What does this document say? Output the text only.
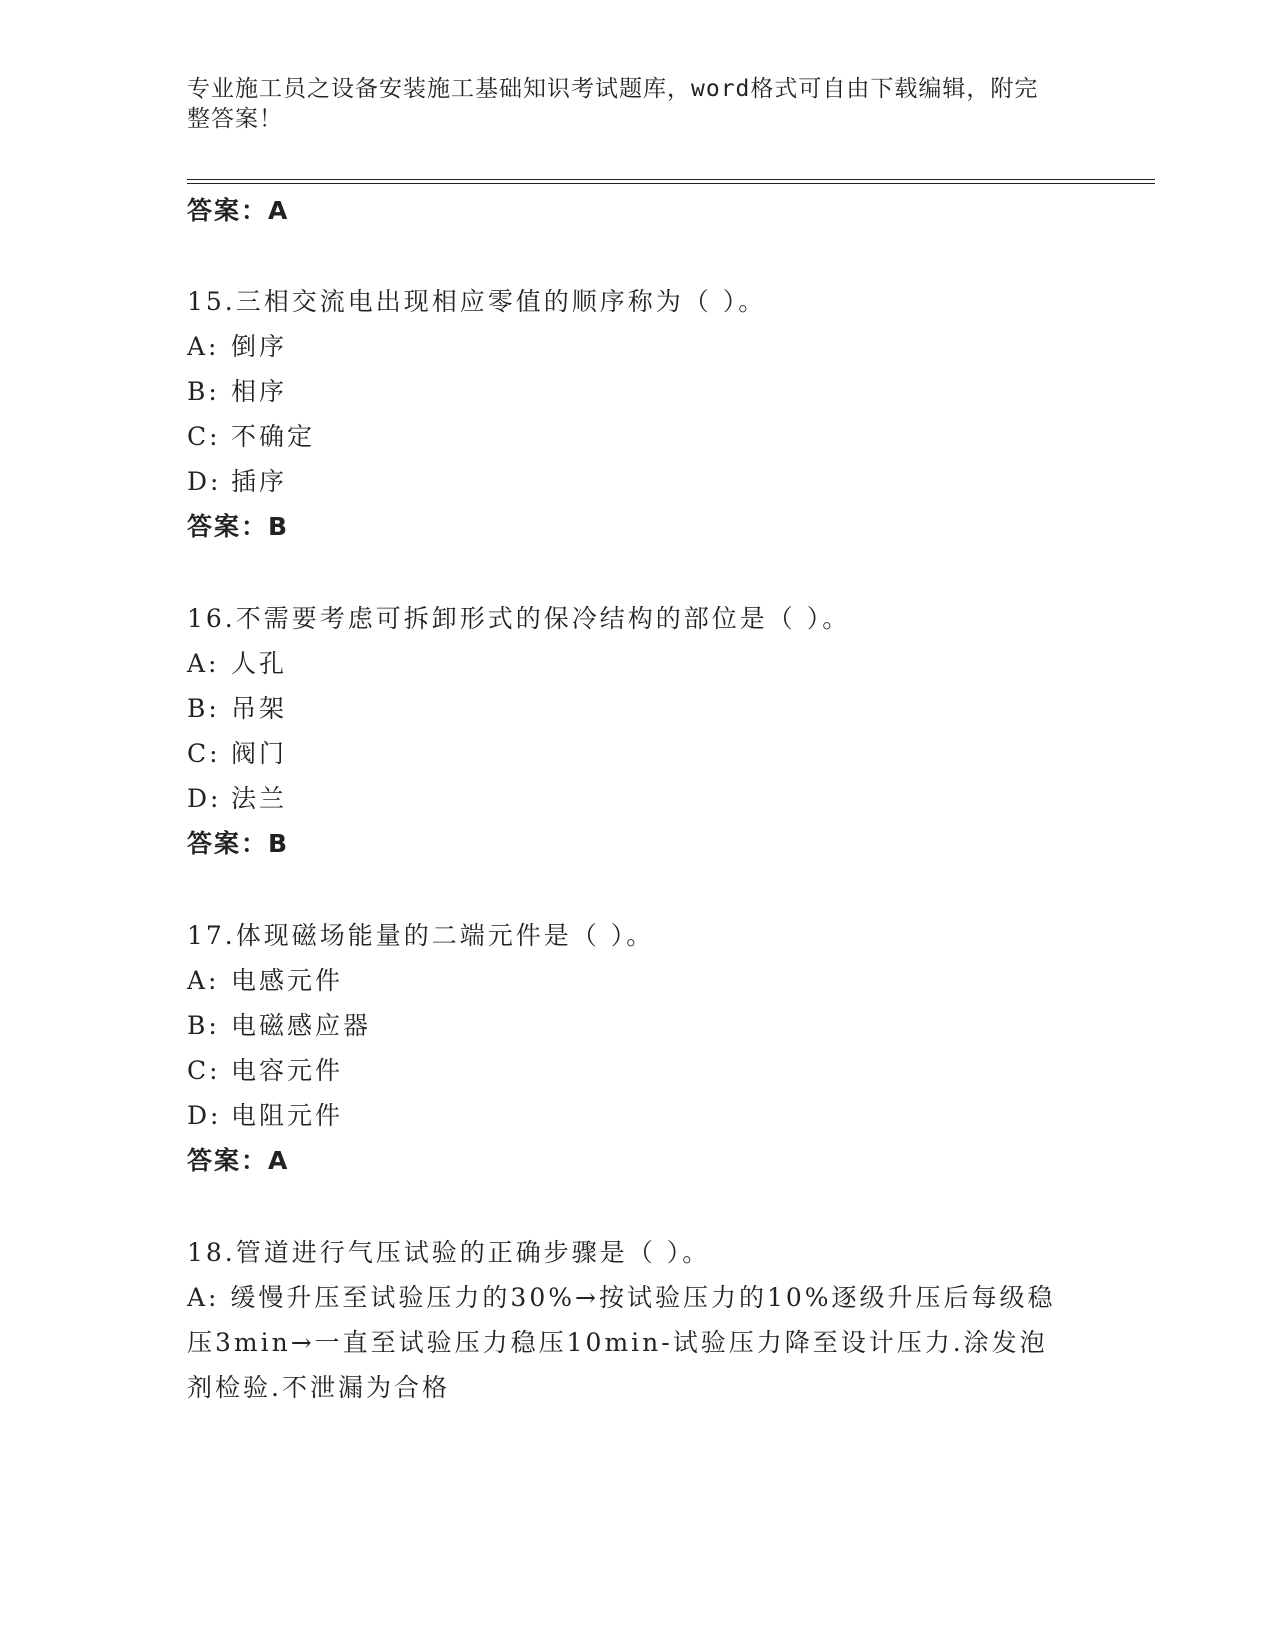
专业施工员之设备安装施工基础知识考试题库，word格式可自由下载编辑，附完
整答案！
答案：A
15.三相交流电出现相应零值的顺序称为（ ）。
A: 倒序
B: 相序
C: 不确定
D: 插序
答案：B
16.不需要考虑可拆卸形式的保冷结构的部位是（ ）。
A: 人孔
B: 吊架
C: 阀门
D: 法兰
答案：B
17.体现磁场能量的二端元件是（ ）。
A: 电感元件
B: 电磁感应器
C: 电容元件
D: 电阻元件
答案：A
18.管道进行气压试验的正确步骤是（ ）。
A: 缓慢升压至试验压力的30%→按试验压力的10%逐级升压后每级稳
压3min→一直至试验压力稳压10min-试验压力降至设计压力.涂发泡
剂检验.不泄漏为合格
